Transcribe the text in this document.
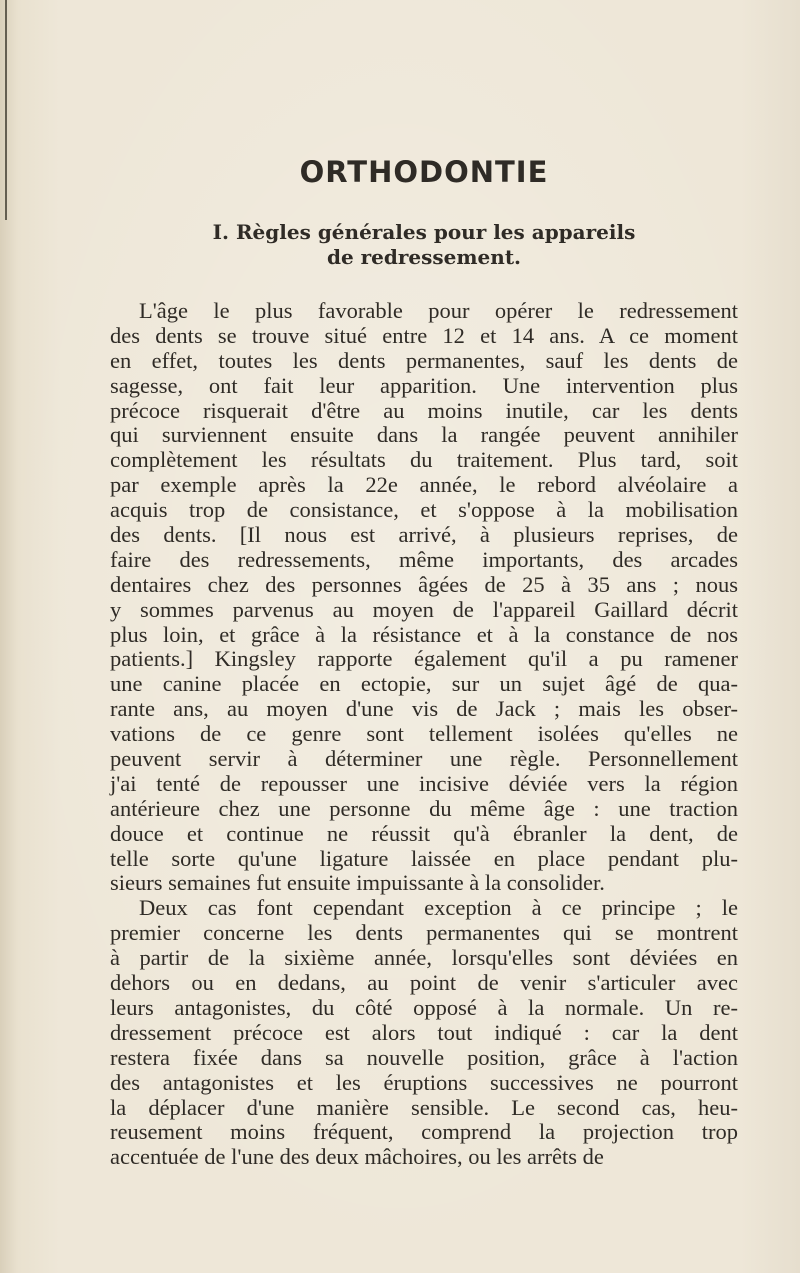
ORTHODONTIE
I. Règles générales pour les appareils
de redressement.
L'âge le plus favorable pour opérer le redressement
des dents se trouve situé entre 12 et 14 ans. A ce moment
en effet, toutes les dents permanentes, sauf les dents de
sagesse, ont fait leur apparition. Une intervention plus
précoce risquerait d'être au moins inutile, car les dents
qui surviennent ensuite dans la rangée peuvent annihiler
complètement les résultats du traitement. Plus tard, soit
par exemple après la 22e année, le rebord alvéolaire a
acquis trop de consistance, et s'oppose à la mobilisation
des dents. [Il nous est arrivé, à plusieurs reprises, de
faire des redressements, même importants, des arcades
dentaires chez des personnes âgées de 25 à 35 ans ; nous
y sommes parvenus au moyen de l'appareil Gaillard décrit
plus loin, et grâce à la résistance et à la constance de nos
patients.] Kingsley rapporte également qu'il a pu ramener
une canine placée en ectopie, sur un sujet âgé de qua-
rante ans, au moyen d'une vis de Jack ; mais les obser-
vations de ce genre sont tellement isolées qu'elles ne
peuvent servir à déterminer une règle. Personnellement
j'ai tenté de repousser une incisive déviée vers la région
antérieure chez une personne du même âge : une traction
douce et continue ne réussit qu'à ébranler la dent, de
telle sorte qu'une ligature laissée en place pendant plu-
sieurs semaines fut ensuite impuissante à la consolider.
Deux cas font cependant exception à ce principe ; le
premier concerne les dents permanentes qui se montrent
à partir de la sixième année, lorsqu'elles sont déviées en
dehors ou en dedans, au point de venir s'articuler avec
leurs antagonistes, du côté opposé à la normale. Un re-
dressement précoce est alors tout indiqué : car la dent
restera fixée dans sa nouvelle position, grâce à l'action
des antagonistes et les éruptions successives ne pourront
la déplacer d'une manière sensible. Le second cas, heu-
reusement moins fréquent, comprend la projection trop
accentuée de l'une des deux mâchoires, ou les arrêts de
